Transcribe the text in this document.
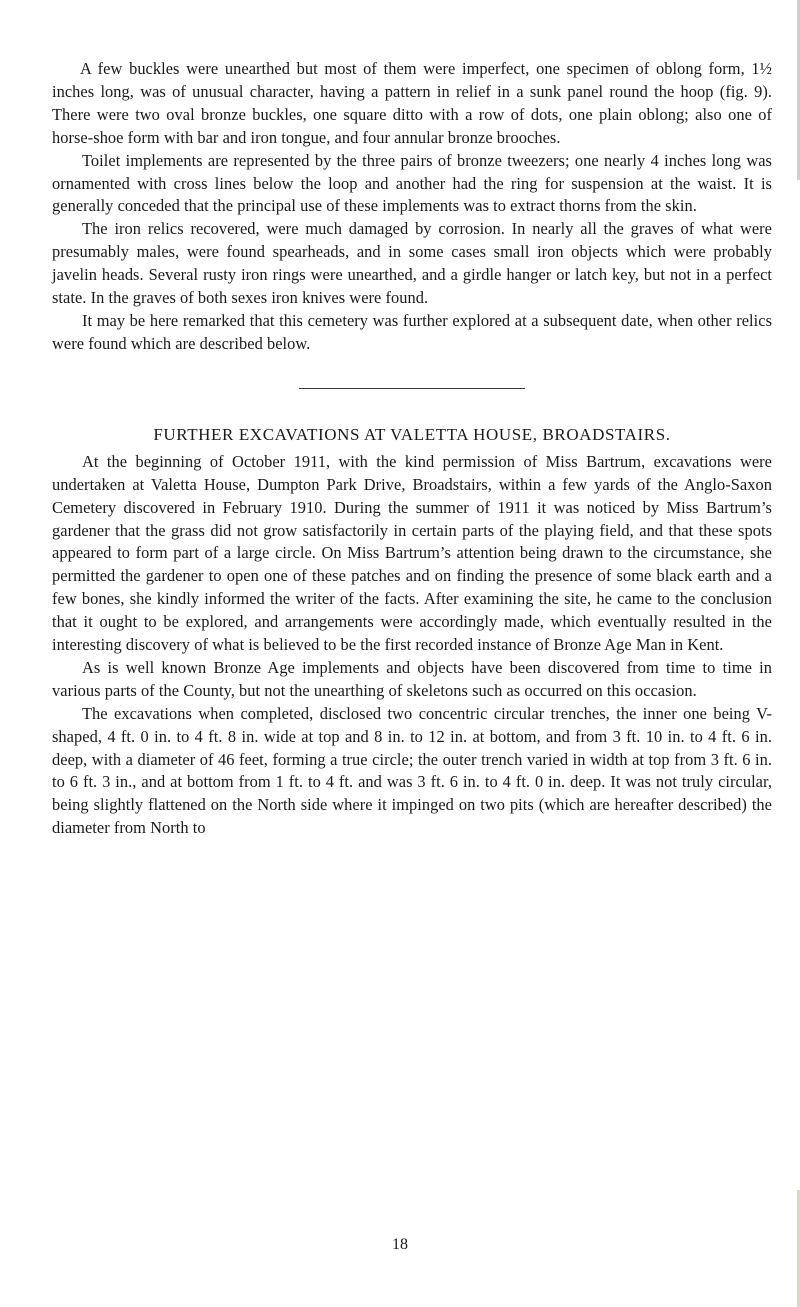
A few buckles were unearthed but most of them were imperfect, one specimen of oblong form, 1½ inches long, was of unusual character, having a pattern in relief in a sunk panel round the hoop (fig. 9). There were two oval bronze buckles, one square ditto with a row of dots, one plain oblong; also one of horse-shoe form with bar and iron tongue, and four annular bronze brooches.

Toilet implements are represented by the three pairs of bronze tweezers; one nearly 4 inches long was ornamented with cross lines below the loop and another had the ring for suspension at the waist. It is generally conceded that the principal use of these implements was to extract thorns from the skin.

The iron relics recovered, were much damaged by corrosion. In nearly all the graves of what were presumably males, were found spearheads, and in some cases small iron objects which were probably javelin heads. Several rusty iron rings were unearthed, and a girdle hanger or latch key, but not in a perfect state. In the graves of both sexes iron knives were found.

It may be here remarked that this cemetery was further explored at a subsequent date, when other relics were found which are described below.

FURTHER EXCAVATIONS AT VALETTA HOUSE, BROADSTAIRS.

At the beginning of October 1911, with the kind permission of Miss Bartrum, excavations were undertaken at Valetta House, Dumpton Park Drive, Broadstairs, within a few yards of the Anglo-Saxon Cemetery discovered in February 1910. During the summer of 1911 it was noticed by Miss Bartrum’s gardener that the grass did not grow satisfactorily in certain parts of the playing field, and that these spots appeared to form part of a large circle. On Miss Bartrum’s attention being drawn to the circumstance, she permitted the gardener to open one of these patches and on finding the presence of some black earth and a few bones, she kindly informed the writer of the facts. After examining the site, he came to the conclusion that it ought to be explored, and arrangements were accordingly made, which eventually resulted in the interesting discovery of what is believed to be the first recorded instance of Bronze Age Man in Kent.

As is well known Bronze Age implements and objects have been discovered from time to time in various parts of the County, but not the unearthing of skeletons such as occurred on this occasion.

The excavations when completed, disclosed two concentric circular trenches, the inner one being V-shaped, 4 ft. 0 in. to 4 ft. 8 in. wide at top and 8 in. to 12 in. at bottom, and from 3 ft. 10 in. to 4 ft. 6 in. deep, with a diameter of 46 feet, forming a true circle; the outer trench varied in width at top from 3 ft. 6 in. to 6 ft. 3 in., and at bottom from 1 ft. to 4 ft. and was 3 ft. 6 in. to 4 ft. 0 in. deep. It was not truly circular, being slightly flattened on the North side where it impinged on two pits (which are hereafter described) the diameter from North to

18
